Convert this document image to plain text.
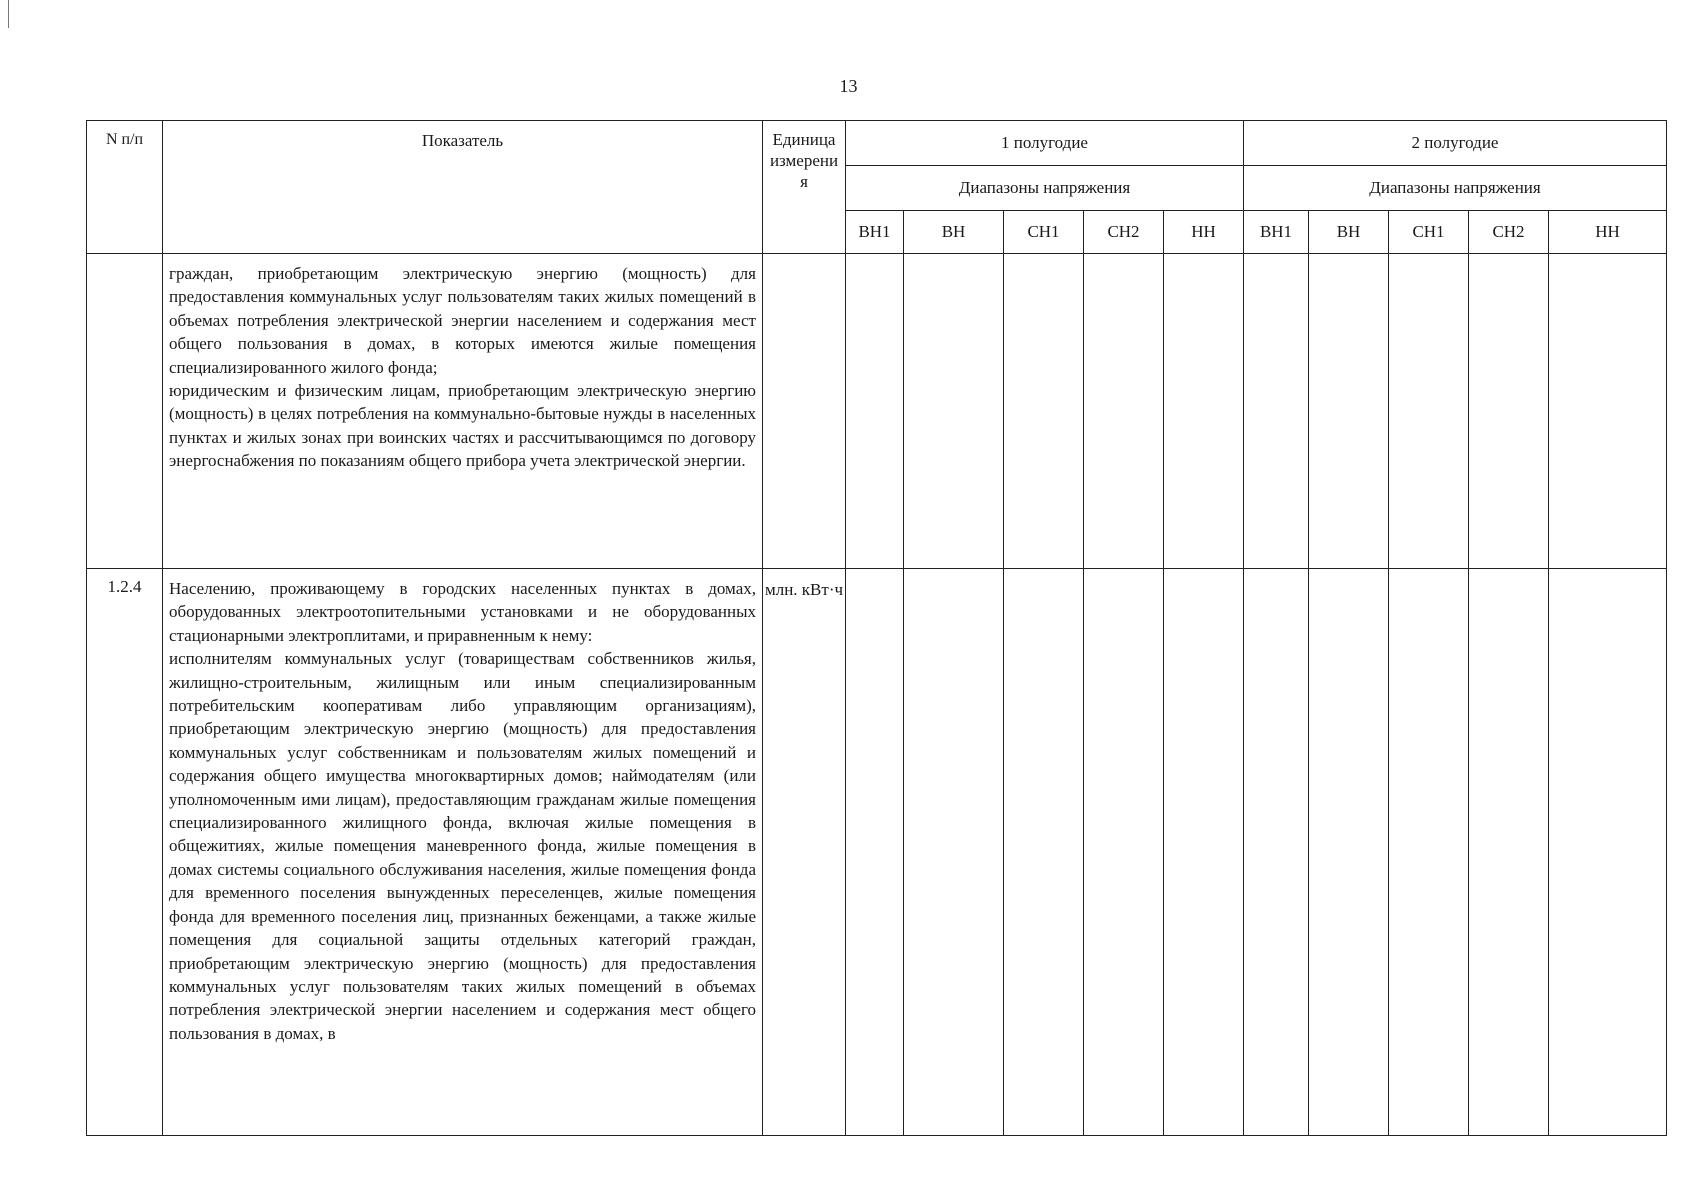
13
N п/п	Показатель	Единица измерения	1 полугодие					2 полугодие				
			Диапазоны напряжения					Диапазоны напряжения				
			ВН1	ВН	СН1	СН2	НН	ВН1	ВН	СН1	СН2	НН

	граждан, приобретающим электрическую энергию (мощность) для предоставления коммунальных услуг пользователям таких жилых помещений в объемах потребления электрической энергии населением и содержания мест общего пользования в домах, в которых имеются жилые помещения специализированного жилого фонда;

юридическим и физическим лицам, приобретающим электрическую энергию (мощность) в целях потребления на коммунально-бытовые нужды в населенных пунктах и жилых зонах при воинских частях и рассчитывающимся по договору энергоснабжения по показаниям общего прибора учета электрической энергии.											

1.2.4	Населению, проживающему в городских населенных пунктах в домах, оборудованных электроотопительными установками и не оборудованных стационарными электроплитами, и приравненным к нему:

исполнителям коммунальных услуг (товариществам собственников жилья, жилищно-строительным, жилищным или иным специализированным потребительским кооперативам либо управляющим организациям), приобретающим электрическую энергию (мощность) для предоставления коммунальных услуг собственникам и пользователям жилых помещений и содержания общего имущества многоквартирных домов; наймодателям (или уполномоченным ими лицам), предоставляющим гражданам жилые помещения специализированного жилищного фонда, включая жилые помещения в общежитиях, жилые помещения маневренного фонда, жилые помещения в домах системы социального обслуживания населения, жилые помещения фонда для временного поселения вынужденных переселенцев, жилые помещения фонда для временного поселения лиц, признанных беженцами, а также жилые помещения для социальной защиты отдельных категорий граждан, приобретающим электрическую энергию (мощность) для предоставления коммунальных услуг пользователям таких жилых помещений в объемах потребления электрической энергии населением и содержания мест общего пользования в домах, в	млн. кВт·ч										
